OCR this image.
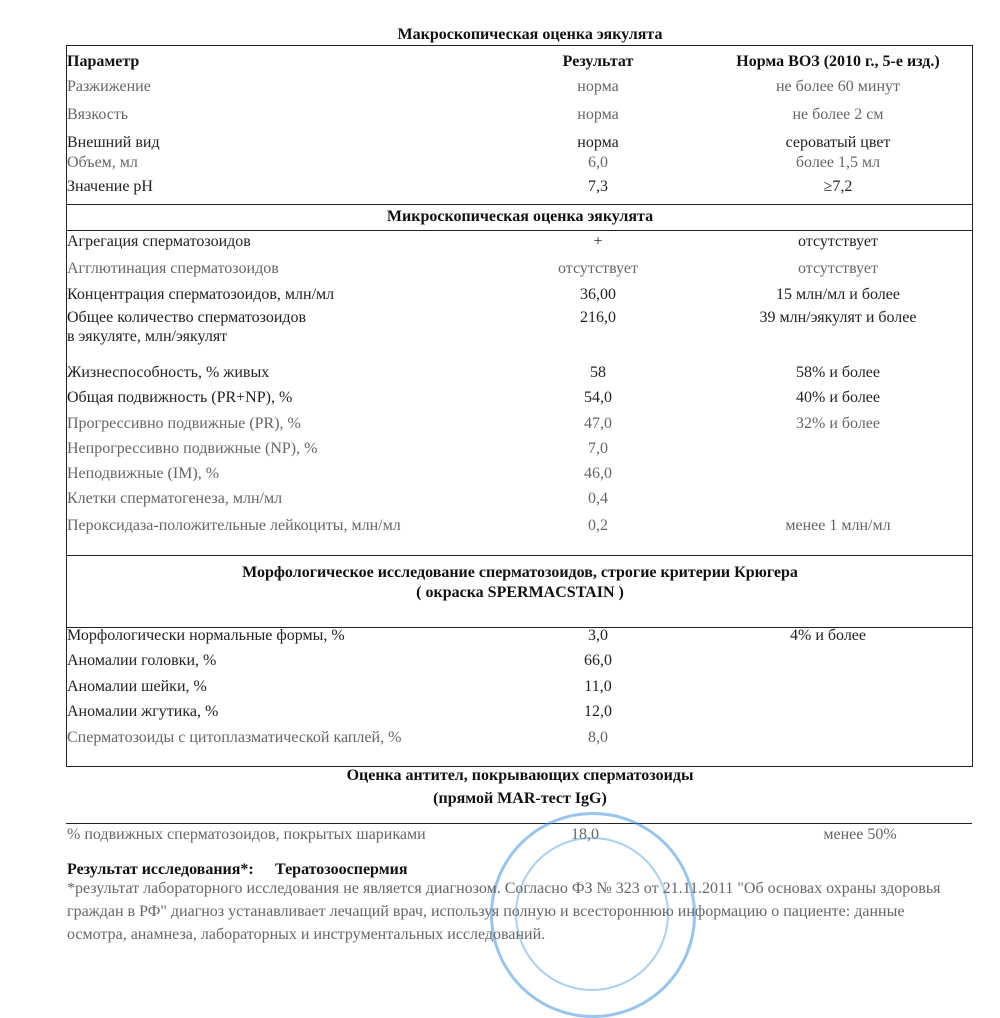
Макроскопическая оценка эякулята
Параметр	Результат	Норма ВОЗ (2010 г., 5-е изд.)
Разжижение	норма	не более 60 минут
Вязкость	норма	не более 2 см
Внешний вид	норма	сероватый цвет
Объем, мл	6,0	более 1,5 мл
Значение pH	7,3	≥7,2
Микроскопическая оценка эякулята
Агрегация сперматозоидов	+	отсутствует
Агглютинация сперматозоидов	отсутствует	отсутствует
Концентрация сперматозоидов, млн/мл	36,00	15 млн/мл и более
Общее количество сперматозоидов	216,0	39 млн/эякулят и более
в эякуляте, млн/эякулят
Жизнеспособность, % живых	58	58% и более
Общая подвижность (PR+NP), %	54,0	40% и более
Прогрессивно подвижные (PR), %	47,0	32% и более
Непрогрессивно подвижные (NP), %	7,0
Неподвижные (IM), %	46,0
Клетки сперматогенеза, млн/мл	0,4
Пероксидаза-положительные лейкоциты, млн/мл	0,2	менее 1 млн/мл
Морфологическое исследование сперматозоидов, строгие критерии Крюгера
( окраска SPERMACSTAIN )
Морфологически нормальные формы, %	3,0	4% и более
Аномалии головки, %	66,0
Аномалии шейки, %	11,0
Аномалии жгутика, %	12,0
Сперматозоиды с цитоплазматической каплей, %	8,0
Оценка антител, покрывающих сперматозоиды
(прямой MAR-тест IgG)
% подвижных сперматозоидов, покрытых шариками	18,0	менее 50%
Результат исследования*: Тератозооспермия
*результат лабораторного исследования не является диагнозом. Согласно ФЗ № 323 от 21.11.2011 "Об основах охраны здоровья
граждан в РФ" диагноз устанавливает лечащий врач, используя полную и всестороннюю информацию о пациенте: данные
осмотра, анамнеза, лабораторных и инструментальных исследований.
